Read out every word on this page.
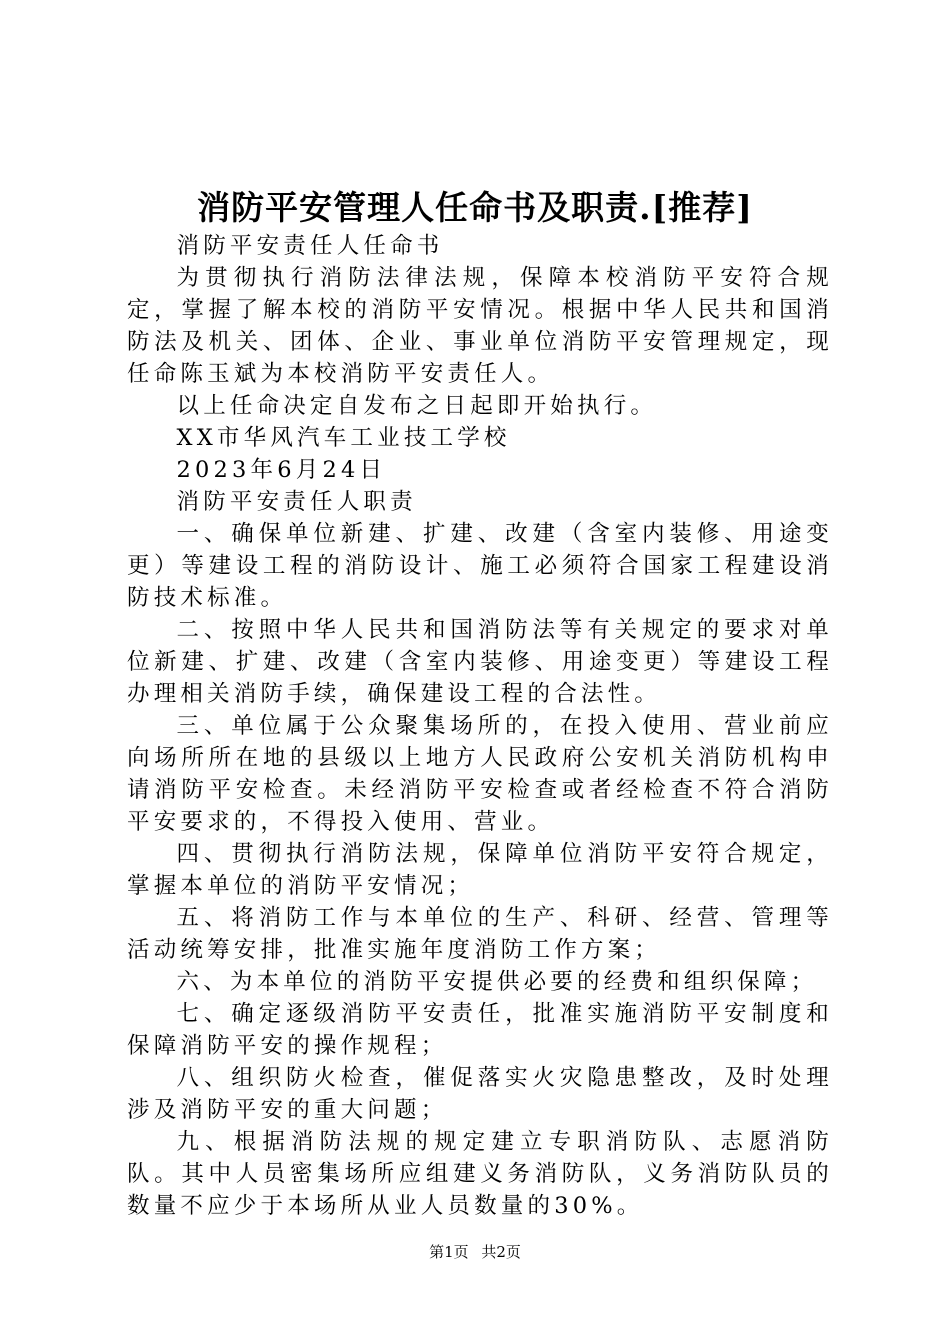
消防平安管理人任命书及职责.[推荐]

消防平安责任人任命书

为贯彻执行消防法律法规，保障本校消防平安符合规定，掌握了解本校的消防平安情况。根据中华人民共和国消防法及机关、团体、企业、事业单位消防平安管理规定，现任命陈玉斌为本校消防平安责任人。

以上任命决定自发布之日起即开始执行。

XX市华风汽车工业技工学校

2023年6月24日

消防平安责任人职责

一、确保单位新建、扩建、改建（含室内装修、用途变更）等建设工程的消防设计、施工必须符合国家工程建设消防技术标准。

二、按照中华人民共和国消防法等有关规定的要求对单位新建、扩建、改建（含室内装修、用途变更）等建设工程办理相关消防手续，确保建设工程的合法性。

三、单位属于公众聚集场所的，在投入使用、营业前应向场所所在地的县级以上地方人民政府公安机关消防机构申请消防平安检查。未经消防平安检查或者经检查不符合消防平安要求的，不得投入使用、营业。

四、贯彻执行消防法规，保障单位消防平安符合规定，掌握本单位的消防平安情况；

五、将消防工作与本单位的生产、科研、经营、管理等活动统筹安排，批准实施年度消防工作方案；

六、为本单位的消防平安提供必要的经费和组织保障；

七、确定逐级消防平安责任，批准实施消防平安制度和保障消防平安的操作规程；

八、组织防火检查，催促落实火灾隐患整改，及时处理涉及消防平安的重大问题；

九、根据消防法规的规定建立专职消防队、志愿消防队。其中人员密集场所应组建义务消防队，义务消防队员的数量不应少于本场所从业人员数量的30%。

第1页 共2页
